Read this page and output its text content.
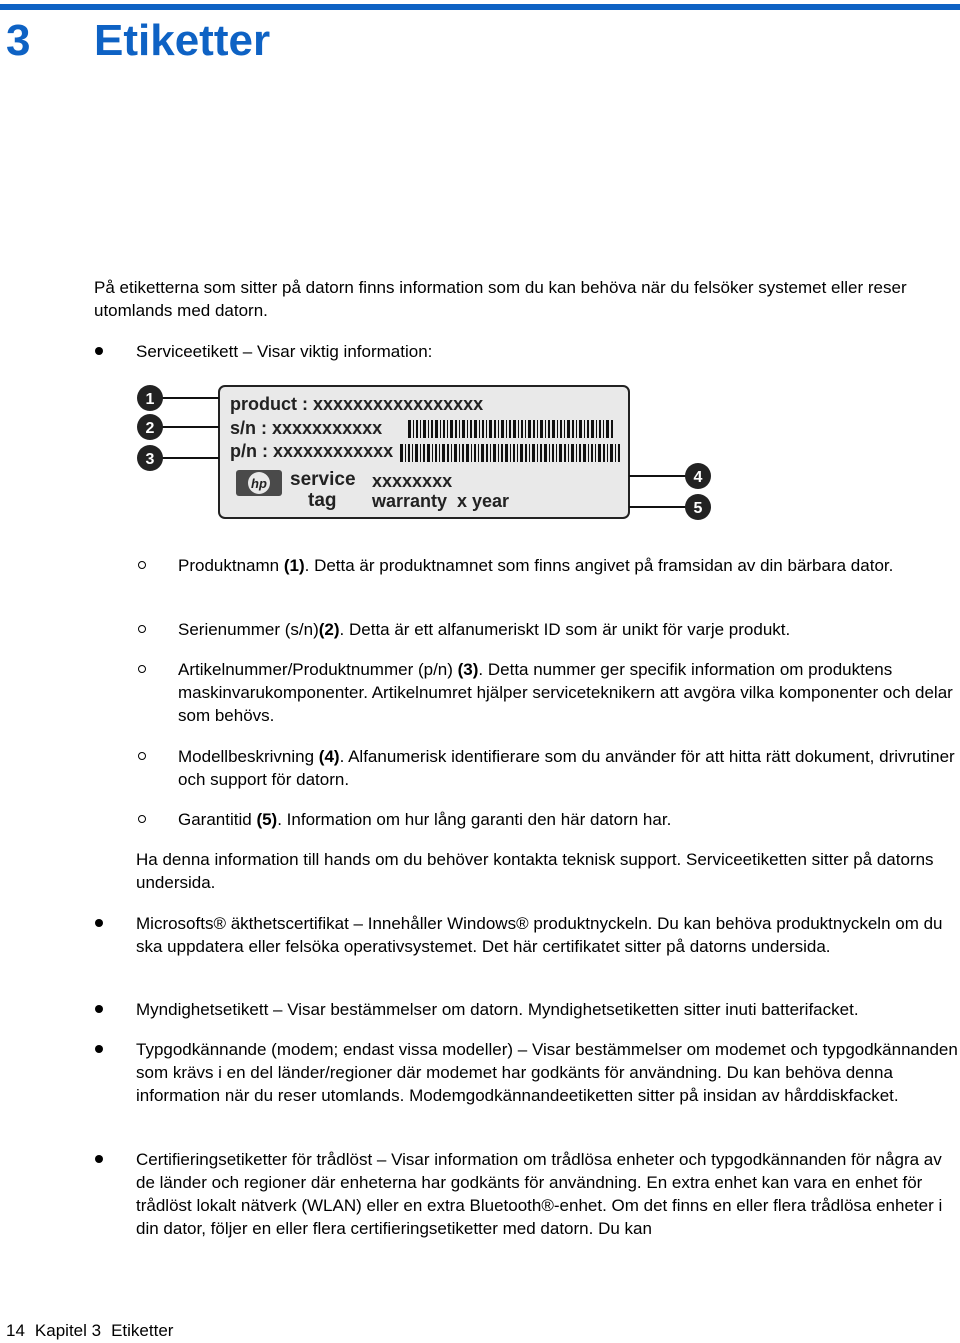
3 Etiketter

På etiketterna som sitter på datorn finns information som du kan behöva när du felsöker systemet eller reser utomlands med datorn.

Serviceetikett – Visar viktig information:

product : xxxxxxxxxxxxxxxxx
s/n : xxxxxxxxxxx
p/n : xxxxxxxxxxxx
hp service
tag
xxxxxxxx
warranty x year
1
2
3
4
5

Produktnamn (1). Detta är produktnamnet som finns angivet på framsidan av din bärbara dator.

Serienummer (s/n)(2). Detta är ett alfanumeriskt ID som är unikt för varje produkt.

Artikelnummer/Produktnummer (p/n) (3). Detta nummer ger specifik information om produktens maskinvarukomponenter. Artikelnumret hjälper serviceteknikern att avgöra vilka komponenter och delar som behövs.

Modellbeskrivning (4). Alfanumerisk identifierare som du använder för att hitta rätt dokument, drivrutiner och support för datorn.

Garantitid (5). Information om hur lång garanti den här datorn har.

Ha denna information till hands om du behöver kontakta teknisk support. Serviceetiketten sitter på datorns undersida.

Microsofts® äkthetscertifikat – Innehåller Windows® produktnyckeln. Du kan behöva produktnyckeln om du ska uppdatera eller felsöka operativsystemet. Det här certifikatet sitter på datorns undersida.

Myndighetsetikett – Visar bestämmelser om datorn. Myndighetsetiketten sitter inuti batterifacket.

Typgodkännande (modem; endast vissa modeller) – Visar bestämmelser om modemet och typgodkännanden som krävs i en del länder/regioner där modemet har godkänts för användning. Du kan behöva denna information när du reser utomlands. Modemgodkännandeetiketten sitter på insidan av hårddiskfacket.

Certifieringsetiketter för trådlöst – Visar information om trådlösa enheter och typgodkännanden för några av de länder och regioner där enheterna har godkänts för användning. En extra enhet kan vara en enhet för trådlöst lokalt nätverk (WLAN) eller en extra Bluetooth®-enhet. Om det finns en eller flera trådlösa enheter i din dator, följer en eller flera certifieringsetiketter med datorn. Du kan

14 Kapitel 3 Etiketter
